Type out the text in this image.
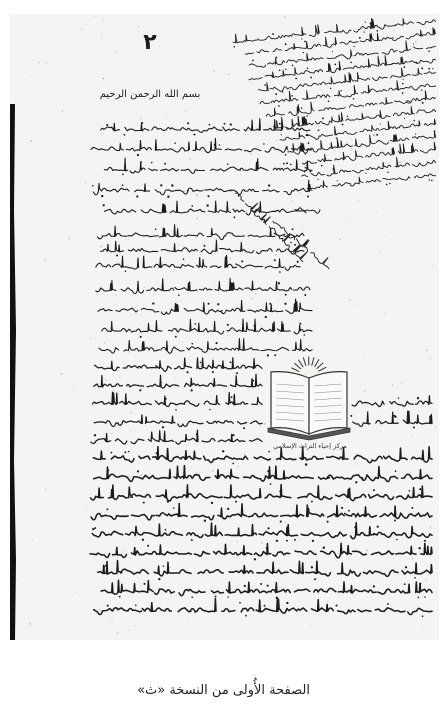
٢
بسم الله الرحمن الرحيم
مركز إحياء التراث الإسلامي
الصفحة الأُولى من النسخة «ث»
